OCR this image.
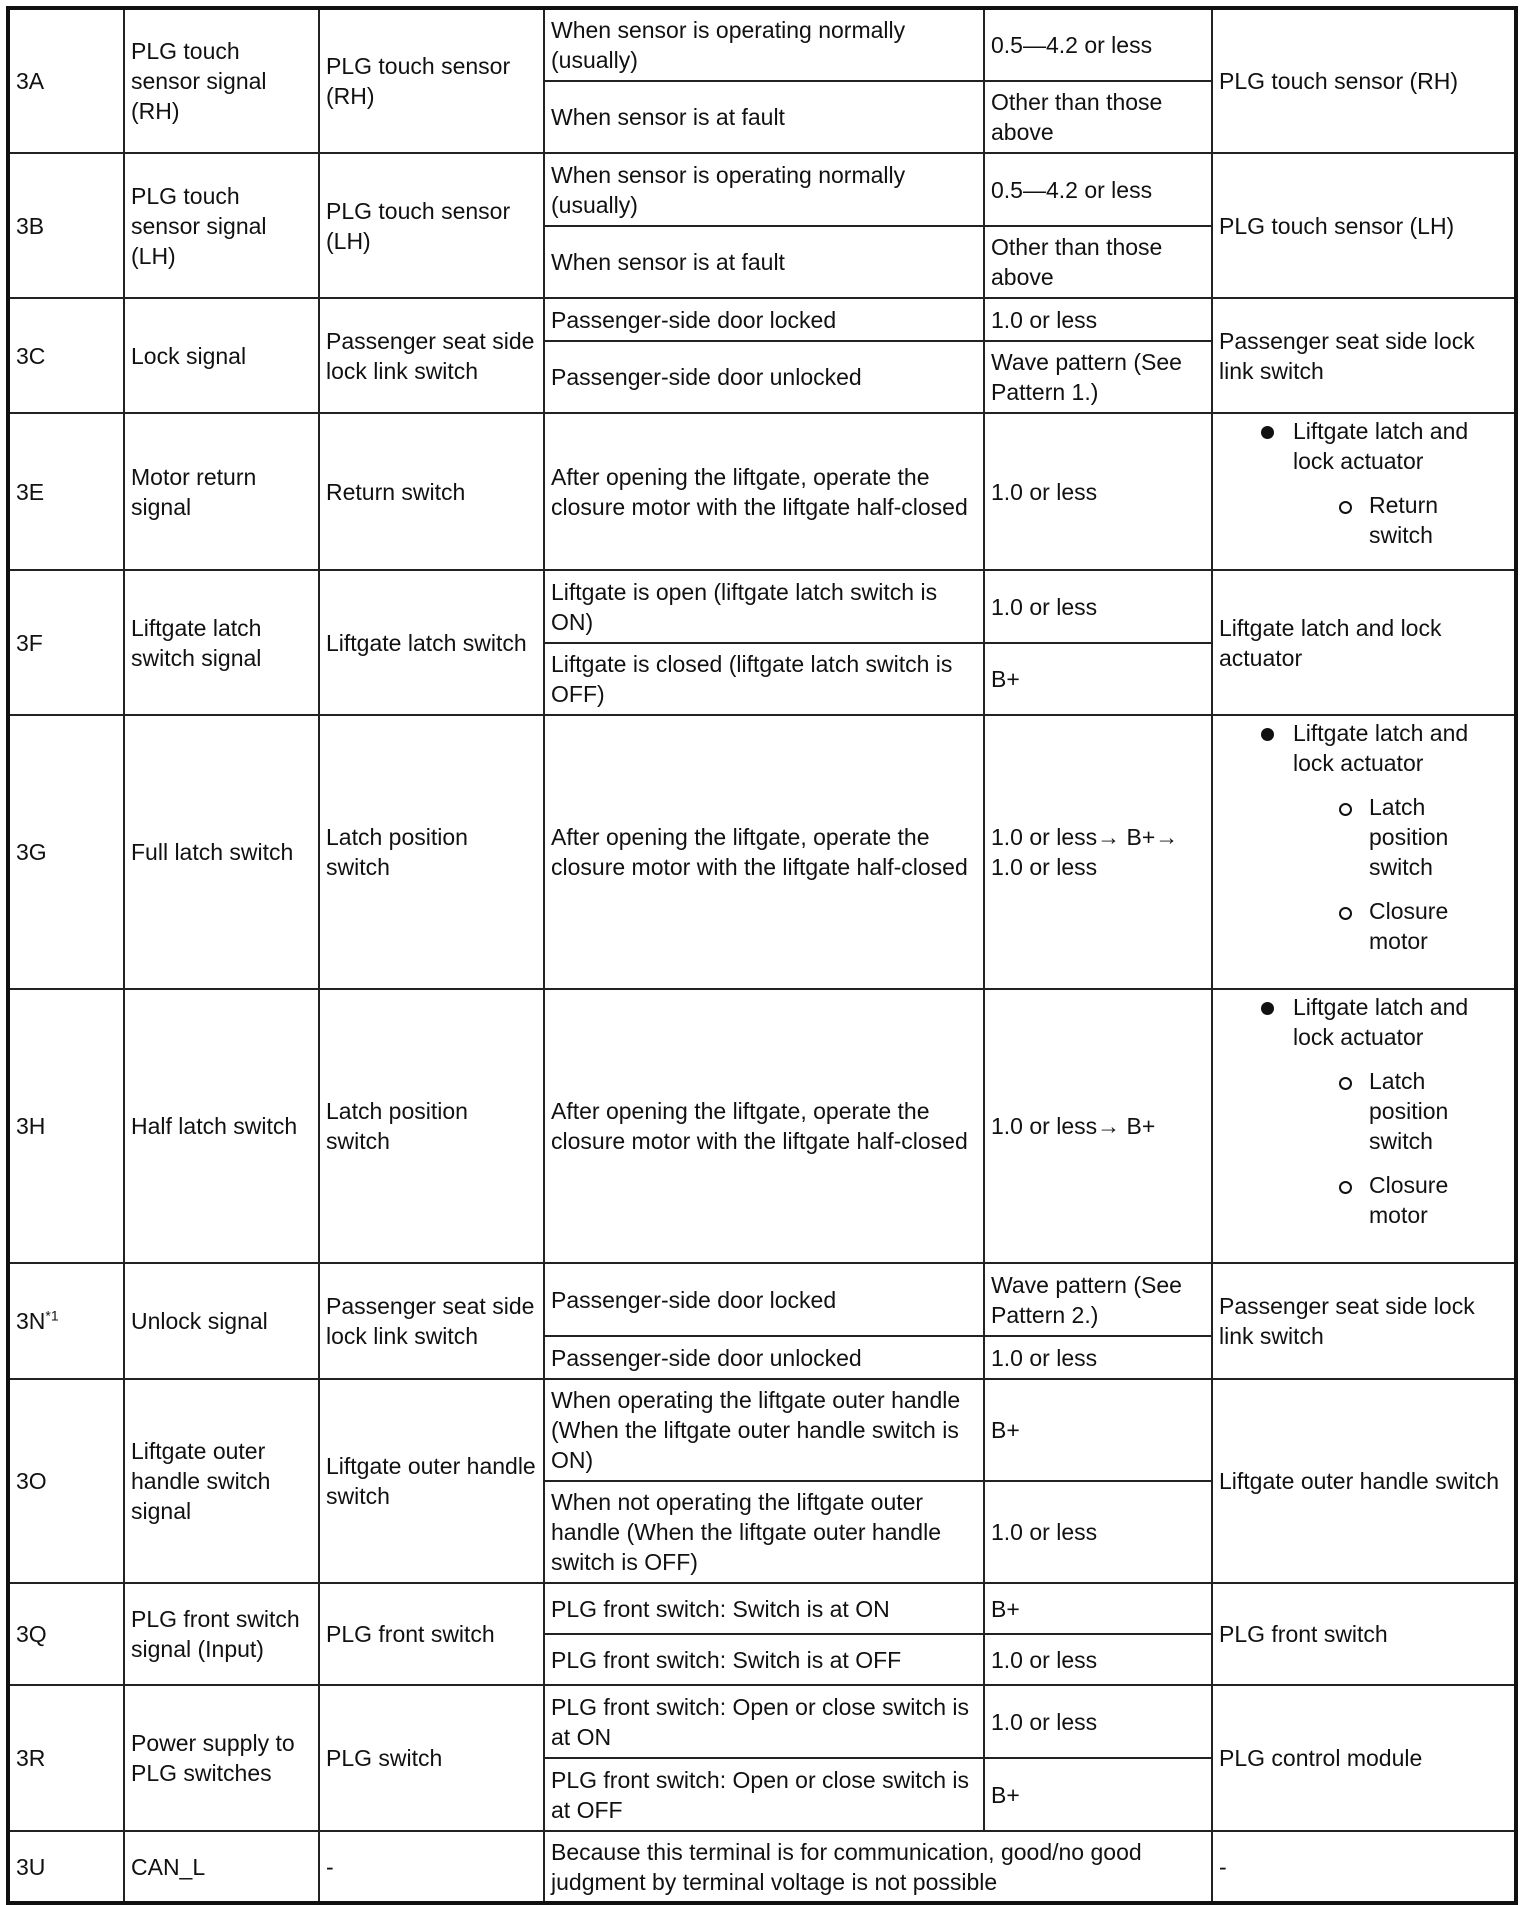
3A	PLG touch sensor signal (RH)	PLG touch sensor (RH)	When sensor is operating normally (usually)	0.5—4.2 or less	PLG touch sensor (RH)
			When sensor is at fault	Other than those above	
3B	PLG touch sensor signal (LH)	PLG touch sensor (LH)	When sensor is operating normally (usually)	0.5—4.2 or less	PLG touch sensor (LH)
			When sensor is at fault	Other than those above	
3C	Lock signal	Passenger seat side lock link switch	Passenger-side door locked	1.0 or less	Passenger seat side lock link switch
			Passenger-side door unlocked	Wave pattern (See Pattern 1.)	
3E	Motor return signal	Return switch	After opening the liftgate, operate the closure motor with the liftgate half-closed	1.0 or less	Liftgate latch and lock actuator
Return switch

3F	Liftgate latch switch signal	Liftgate latch switch	Liftgate is open (liftgate latch switch is ON)	1.0 or less	Liftgate latch and lock actuator
			Liftgate is closed (liftgate latch switch is OFF)	B+	
3G	Full latch switch	Latch position switch	After opening the liftgate, operate the closure motor with the liftgate half-closed	1.0 or less→ B+→ 1.0 or less	Liftgate latch and lock actuator
Latch position switch
Closure motor

3H	Half latch switch	Latch position switch	After opening the liftgate, operate the closure motor with the liftgate half-closed	1.0 or less→ B+	Liftgate latch and lock actuator
Latch position switch
Closure motor

$3N^{*1}$	Unlock signal	Passenger seat side lock link switch	Passenger-side door locked	Wave pattern (See Pattern 2.)	Passenger seat side lock link switch
			Passenger-side door unlocked	1.0 or less	
3O	Liftgate outer handle switch signal	Liftgate outer handle switch	When operating the liftgate outer handle (When the liftgate outer handle switch is ON)	B+	Liftgate outer handle switch
			When not operating the liftgate outer handle (When the liftgate outer handle switch is OFF)	1.0 or less	
3Q	PLG front switch signal (Input)	PLG front switch	PLG front switch: Switch is at ON	B+	PLG front switch
			PLG front switch: Switch is at OFF	1.0 or less	
3R	Power supply to PLG switches	PLG switch	PLG front switch: Open or close switch is at ON	1.0 or less	PLG control module
			PLG front switch: Open or close switch is at OFF	B+	
3U	CAN_L	-	Because this terminal is for communication, good/no good judgment by terminal voltage is not possible		-
